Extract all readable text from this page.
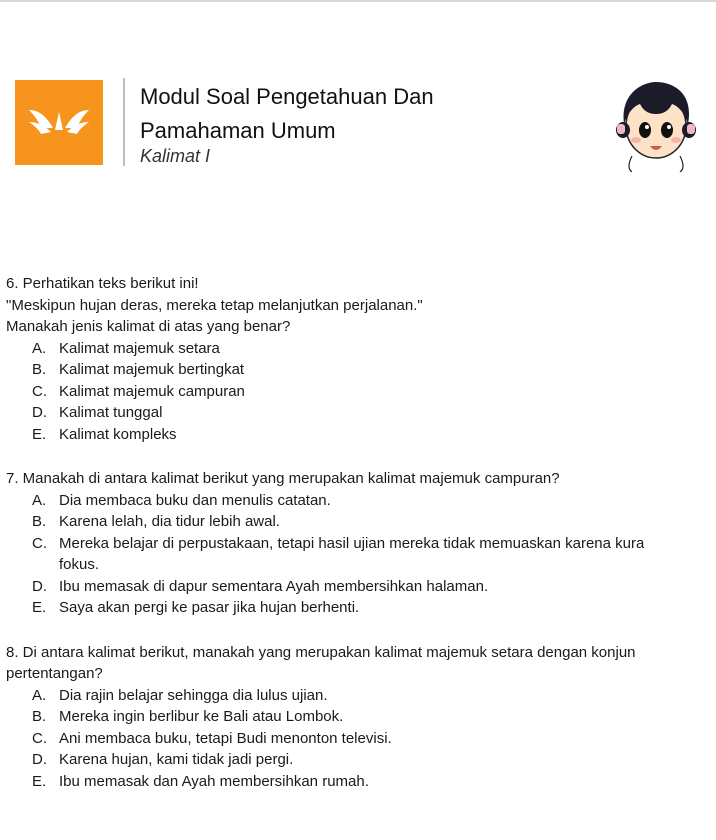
Modul Soal Pengetahuan Dan
Pamahaman Umum
Kalimat I
6. Perhatikan teks berikut ini!
"Meskipun hujan deras, mereka tetap melanjutkan perjalanan."
Manakah jenis kalimat di atas yang benar?
A. Kalimat majemuk setara
B. Kalimat majemuk bertingkat
C. Kalimat majemuk campuran
D. Kalimat tunggal
E. Kalimat kompleks
7. Manakah di antara kalimat berikut yang merupakan kalimat majemuk campuran?
A. Dia membaca buku dan menulis catatan.
B. Karena lelah, dia tidur lebih awal.
C. Mereka belajar di perpustakaan, tetapi hasil ujian mereka tidak memuaskan karena kura
fokus.
D. Ibu memasak di dapur sementara Ayah membersihkan halaman.
E. Saya akan pergi ke pasar jika hujan berhenti.
8. Di antara kalimat berikut, manakah yang merupakan kalimat majemuk setara dengan konjun
pertentangan?
A. Dia rajin belajar sehingga dia lulus ujian.
B. Mereka ingin berlibur ke Bali atau Lombok.
C. Ani membaca buku, tetapi Budi menonton televisi.
D. Karena hujan, kami tidak jadi pergi.
E. Ibu memasak dan Ayah membersihkan rumah.
